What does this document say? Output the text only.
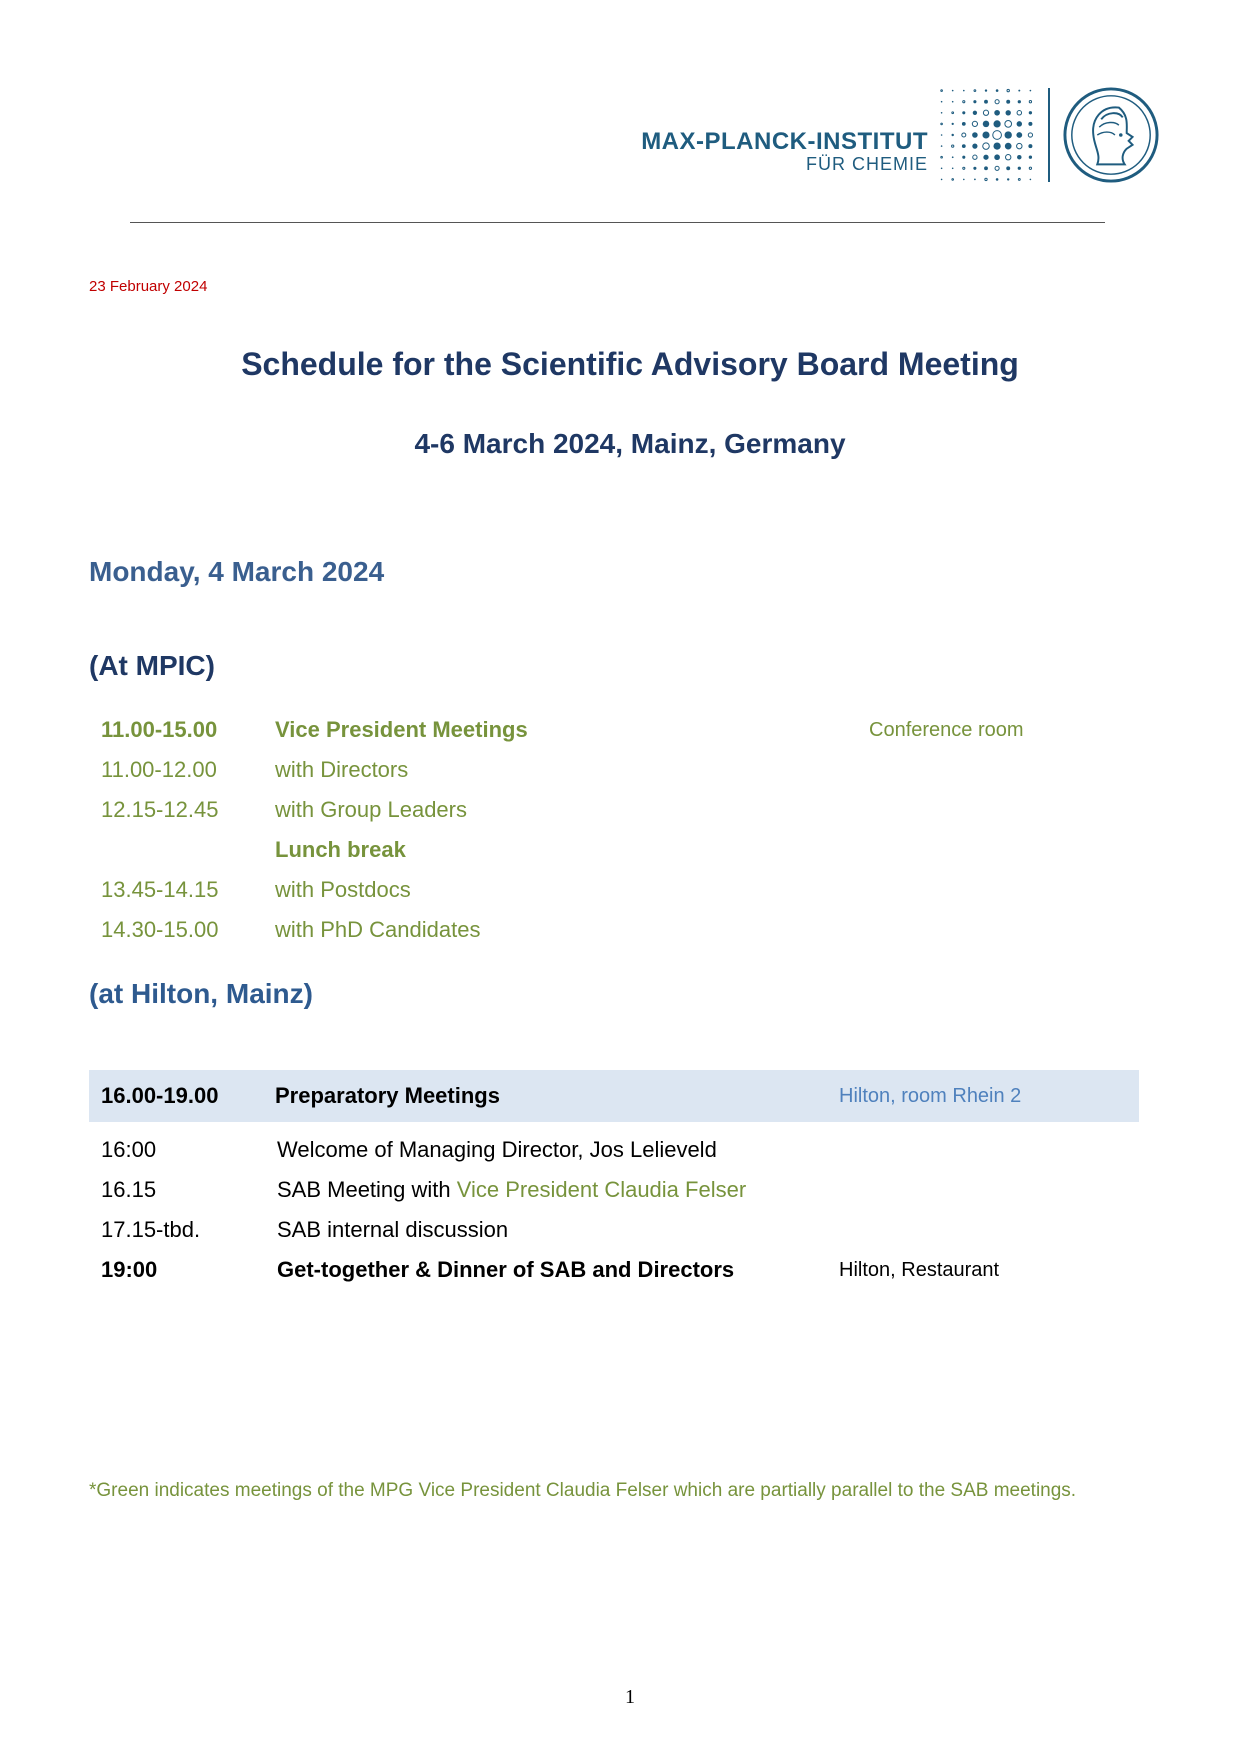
MAX-PLANCK-INSTITUT
FÜR CHEMIE
23 February 2024
Schedule for the Scientific Advisory Board Meeting
4-6 March 2024, Mainz, Germany
Monday, 4 March 2024
(At MPIC)
11.00-15.00	Vice President Meetings	Conference room
11.00-12.00	with Directors
12.15-12.45	with Group Leaders
Lunch break
13.45-14.15	with Postdocs
14.30-15.00	with PhD Candidates
(at Hilton, Mainz)
16.00-19.00	Preparatory Meetings	Hilton, room Rhein 2
16:00	Welcome of Managing Director, Jos Lelieveld
16.15	SAB Meeting with Vice President Claudia Felser
17.15-tbd.	SAB internal discussion
19:00	Get-together & Dinner of SAB and Directors	Hilton, Restaurant
*Green indicates meetings of the MPG Vice President Claudia Felser which are partially parallel to the SAB meetings.
1
